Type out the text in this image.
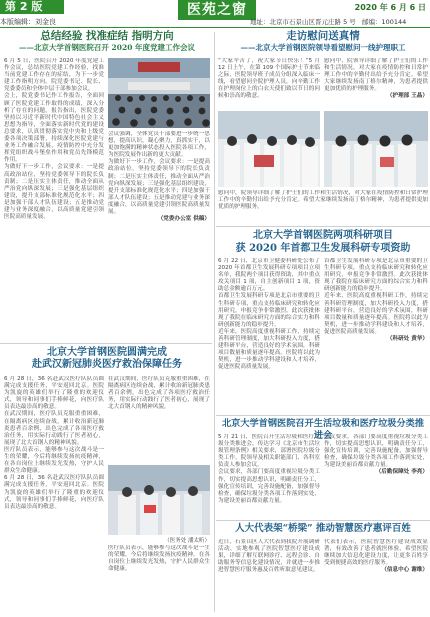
第 2 版
本版编辑：刘金良
医苑之窗	2020 年 6 月 6 日
地址：北京市石景山区晋元庄路 5 号 邮编：100144
总结经验 找准症结 指明方向
——北京大学首钢医院召开 2020 年度党建工作会议

6 月 5 日，医院召开 2020 年度党建工作会议，总结医院党建工作经验，找准当前党建工作存在的症结，为下一步党建工作指明方向。院党委书记、院长、党委委员和全体中层干部参加会议。

会上，院党委书记作工作报告，全面回顾了医院党建工作取得的成绩，深入分析了存在的问题。报告指出，医院党委坚持以习近平新时代中国特色社会主义思想为指导，全面落实新时代党的建设总要求，认真贯彻落实党中央和上级党委各项决策部署，持续深化医院党建与业务工作融合发展，疫情防控中充分发挥党组织战斗堡垒作用和党员先锋模范作用。

为做好下一步工作，会议要求：一是提高政治站位，坚持党委领导下的院长负责制；二是压实主体责任，推动全面从严治党向纵深发展；三是强化基层组织建设，提升支部标准化规范化水平；四是加强干部人才队伍建设；五是推动党建与业务深度融合，以高质量党建引领医院高质量发展。

会议强调，全体党员干部要进一步统一思想，提高认识，凝心聚力，真抓实干，以更加饱满的精神状态投入医院各项工作，为医院发展作出新的更大贡献。

为做好下一步工作，会议要求：一是提高政治站位，坚持党委领导下的院长负责制；二是压实主体责任，推动全面从严治党向纵深发展；三是强化基层组织建设，提升支部标准化规范化水平；四是加强干部人才队伍建设；五是推动党建与业务深度融合，以高质量党建引领医院高质量发展。

（党委办公室 供稿）

北京大学首钢医院圆满完成
赴武汉新冠肺炎医疗救治保障任务

6 月 28 日，36 名赴武汉医疗队队员圆满完成支援任务，平安返回北京。医院为凯旋的英雄们举行了隆重的欢迎仪式，领导和同事们手捧鲜花，向医疗队员表达最崇高的敬意。

在武汉期间，医疗队员克服重重困难，在隔离病区连续奋战，累计收治新冠肺炎患者百余例，出色完成了各项医疗救治任务，用实际行动践行了医者初心，展现了北大首钢人的精神风貌。

医疗队员表示，能够参与这次战斗是一生的荣耀，今后将继续发扬抗疫精神，在各自岗位上继续发光发热，守护人民群众生命健康。

6 月 28 日，36 名赴武汉医疗队队员圆满完成支援任务，平安返回北京。医院为凯旋的英雄们举行了隆重的欢迎仪式，领导和同事们手捧鲜花，向医疗队员表达最崇高的敬意。

在武汉期间，医疗队员克服重重困难，在隔离病区连续奋战，累计收治新冠肺炎患者百余例，出色完成了各项医疗救治任务，用实际行动践行了医者初心，展现了北大首钢人的精神风貌。

（医务处 潘太昕）

医疗队员表示，能够参与这次战斗是一生的荣耀，今后将继续发扬抗疫精神，在各自岗位上继续发光发热，守护人民群众生命健康。

走访慰问送真情
——北京大学首钢医院领导看望慰问一线护理职工

“大家辛苦了，祝大家节日快乐！”5 月 12 日上午，在第 109 个国际护士节来临之际，医院领导班子成员分组深入临床一线，看望慰问全院护理人员，向辛勤工作在护理岗位上的白衣天使们致以节日的问候和崇高的敬意。

慰问中，院领导详细了解了护士们的工作和生活情况，对大家在疫情防控和日常护理工作中的辛勤付出给予充分肯定。希望大家继续发扬南丁格尔精神，为患者提供更加优质的护理服务。

（护理部 王晶）

慰问中，院领导详细了解了护士们的工作和生活情况，对大家在疫情防控和日常护理工作中的辛勤付出给予充分肯定。希望大家继续发扬南丁格尔精神，为患者提供更加优质的护理服务。

北京大学首钢医院两项科研项目
获 2020 年首都卫生发展科研专项资助

6 月 22 日，北京市卫健委科研处公布了 2020 年首都卫生发展科研专项项目立项名单，我院两个项目获得资助，其中重点攻关项目 1 项，自主创新项目 1 项，资助总金额逾百万元。

首都卫生发展科研专项是北京市重要的卫生科研专项，重点支持临床研究和转化应用研究，申报竞争非常激烈。此次获批体现了我院在临床研究方面的综合实力和科研创新能力的稳步提升。

近年来，医院高度重视科研工作，持续完善科研管理制度，加大科研投入力度，搭建科研平台，营造良好的学术氛围，科研项目数量和质量逐年提高。医院将以此为契机，进一步推动学科建设和人才培养，促进医院高质量发展。

首都卫生发展科研专项是北京市重要的卫生科研专项，重点支持临床研究和转化应用研究，申报竞争非常激烈。此次获批体现了我院在临床研究方面的综合实力和科研创新能力的稳步提升。

近年来，医院高度重视科研工作，持续完善科研管理制度，加大科研投入力度，搭建科研平台，营造良好的学术氛围，科研项目数量和质量逐年提高。医院将以此为契机，进一步推动学科建设和人才培养，促进医院高质量发展。

（科研处 黄华）

北京大学首钢医院召开生活垃圾和医疗垃圾分类推进会

5 月 21 日，医院召开生活垃圾和医疗垃圾分类推进会，传达学习《北京市生活垃圾管理条例》相关要求，部署医院垃圾分类工作。院领导及相关职能部门、各科室负责人参加会议。

会议要求，各部门要高度重视垃圾分类工作，切实提高思想认识，明确责任分工，强化宣传培训，完善设施配备，加强督导检查，确保垃圾分类各项工作落到实处，为建设美丽首都贡献力量。

会议要求，各部门要高度重视垃圾分类工作，切实提高思想认识，明确责任分工，强化宣传培训，完善设施配备，加强督导检查，确保垃圾分类各项工作落到实处，为建设美丽首都贡献力量。

（后勤保障处 李亮）

人大代表架“桥梁” 推动智慧医疗惠评百姓

近日，石景山区人大代表到我院开展调研活动，实地参观了医院智慧医疗建设成果，详细了解互联网诊疗、远程会诊、自助服务等信息化建设情况，并就进一步推进智慧医疗服务惠及百姓听取意见建议。

代表们表示，医院智慧医疗建设成效显著，有效改善了患者就医体验，希望医院继续加大信息化建设力度，让更多百姓享受到便捷高效的医疗服务。

（信息中心 谢维）
